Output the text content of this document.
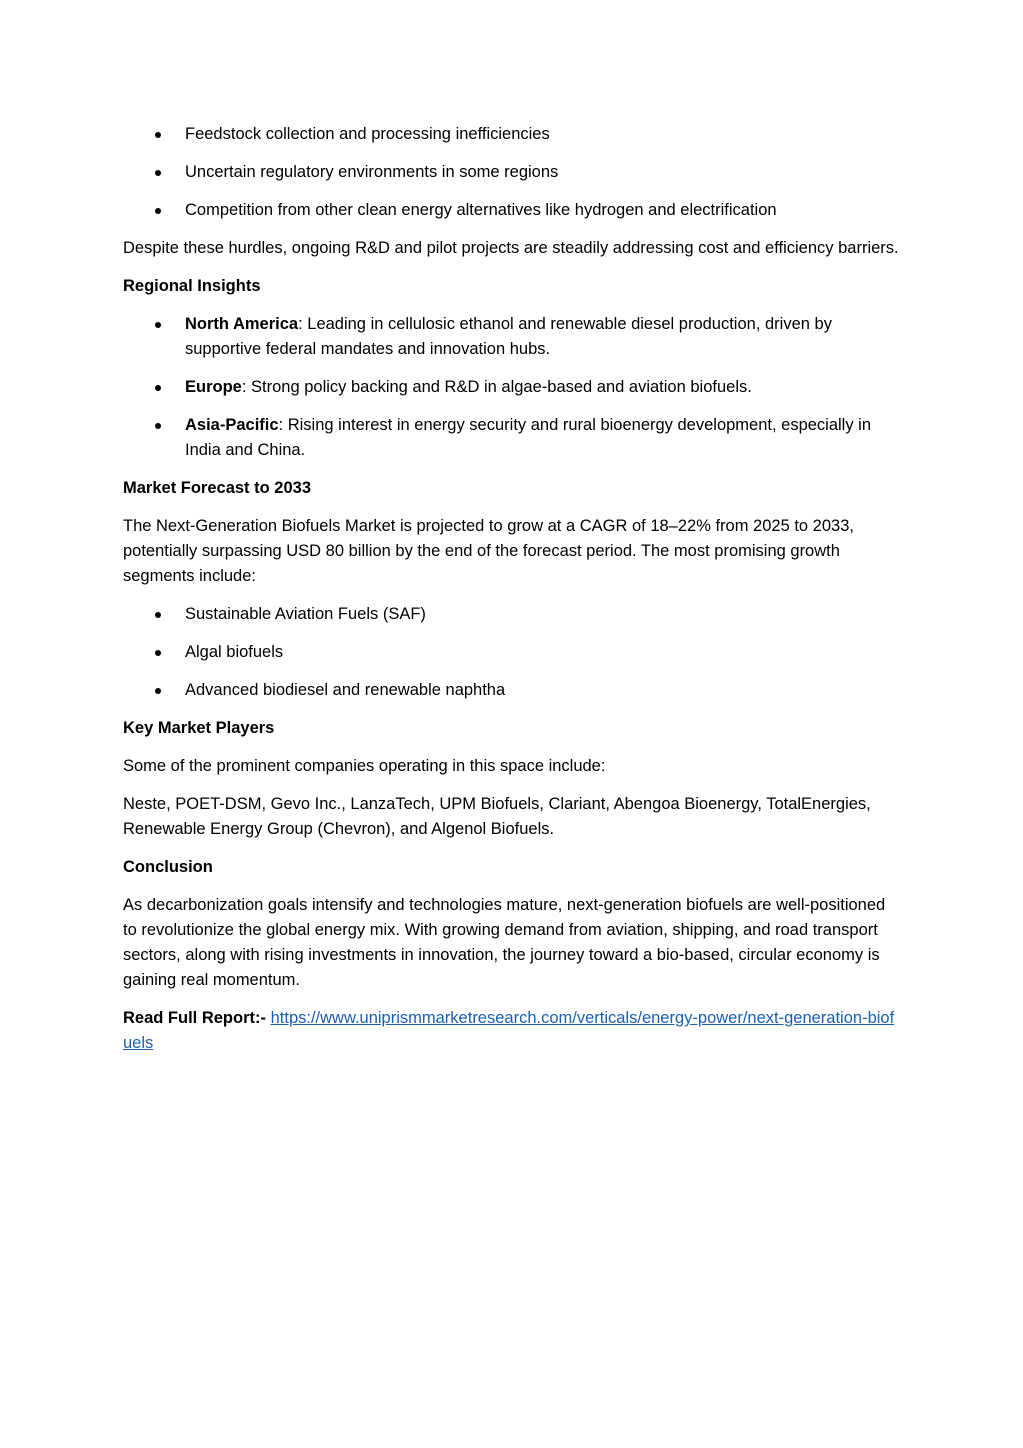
Feedstock collection and processing inefficiencies
Uncertain regulatory environments in some regions
Competition from other clean energy alternatives like hydrogen and electrification

Despite these hurdles, ongoing R&D and pilot projects are steadily addressing cost and efficiency barriers.

Regional Insights

North America: Leading in cellulosic ethanol and renewable diesel production, driven by supportive federal mandates and innovation hubs.
Europe: Strong policy backing and R&D in algae-based and aviation biofuels.
Asia-Pacific: Rising interest in energy security and rural bioenergy development, especially in India and China.

Market Forecast to 2033

The Next-Generation Biofuels Market is projected to grow at a CAGR of 18–22% from 2025 to 2033, potentially surpassing USD 80 billion by the end of the forecast period. The most promising growth segments include:

Sustainable Aviation Fuels (SAF)
Algal biofuels
Advanced biodiesel and renewable naphtha

Key Market Players

Some of the prominent companies operating in this space include:

Neste, POET-DSM, Gevo Inc., LanzaTech, UPM Biofuels, Clariant, Abengoa Bioenergy, TotalEnergies, Renewable Energy Group (Chevron), and Algenol Biofuels.

Conclusion

As decarbonization goals intensify and technologies mature, next-generation biofuels are well-positioned to revolutionize the global energy mix. With growing demand from aviation, shipping, and road transport sectors, along with rising investments in innovation, the journey toward a bio-based, circular economy is gaining real momentum.

Read Full Report:- https://www.uniprismmarketresearch.com/verticals/energy-power/next-generation-biofuels
